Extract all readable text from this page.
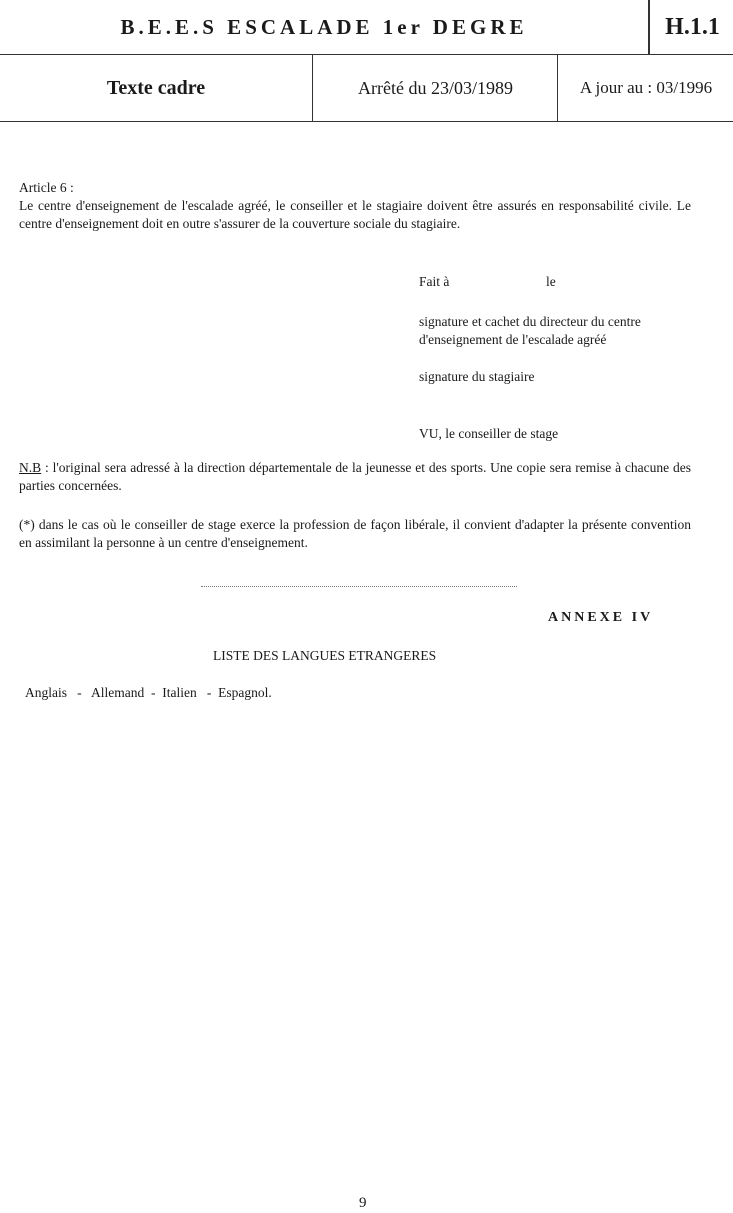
B.E.E.S ESCALADE 1er DEGRE	H.1.1
Texte cadre	Arrêté du 23/03/1989	A jour au : 03/1996
Article 6 :
Le centre d'enseignement de l'escalade agréé, le conseiller et le stagiaire doivent être assurés en responsabilité civile. Le centre d'enseignement doit en outre s'assurer de la couverture sociale du stagiaire.
Fait à	le
signature et cachet du directeur du centre d'enseignement de l'escalade agréé
signature du stagiaire
VU, le conseiller de stage
N.B : l'original sera adressé à la direction départementale de la jeunesse et des sports. Une copie sera remise à chacune des parties concernées.
(*) dans le cas où le conseiller de stage exerce la profession de façon libérale, il convient d'adapter la présente convention en assimilant la personne à un centre d'enseignement.
ANNEXE IV
LISTE DES LANGUES ETRANGERES
Anglais   -   Allemand  -  Italien   -  Espagnol.
9
